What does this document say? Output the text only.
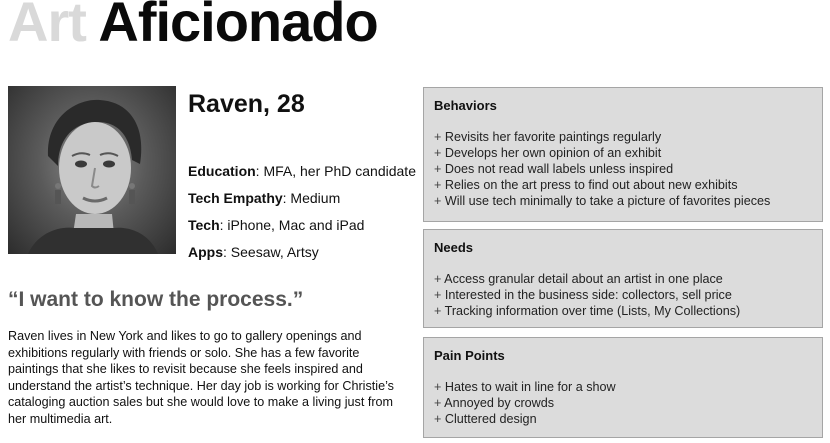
Art Aficionado
Raven, 28
Education: MFA, her PhD candidate
Tech Empathy: Medium
Tech: iPhone, Mac and iPad
Apps: Seesaw, Artsy
“I want to know the process.”
Raven lives in New York and likes to go to gallery openings and exhibitions regularly with friends or solo. She has a few favorite paintings that she likes to revisit because she feels inspired and understand the artist’s technique. Her day job is working for Christie’s cataloging auction sales but she would love to make a living just from her multimedia art.
Behaviors
+ Revisits her favorite paintings regularly
+ Develops her own opinion of an exhibit
+ Does not read wall labels unless inspired
+ Relies on the art press to find out about new exhibits
+ Will use tech minimally to take a picture of favorites pieces
Needs
+ Access granular detail about an artist in one place
+ Interested in the business side: collectors, sell price
+ Tracking information over time (Lists, My Collections)
Pain Points
+ Hates to wait in line for a show
+ Annoyed by crowds
+ Cluttered design
